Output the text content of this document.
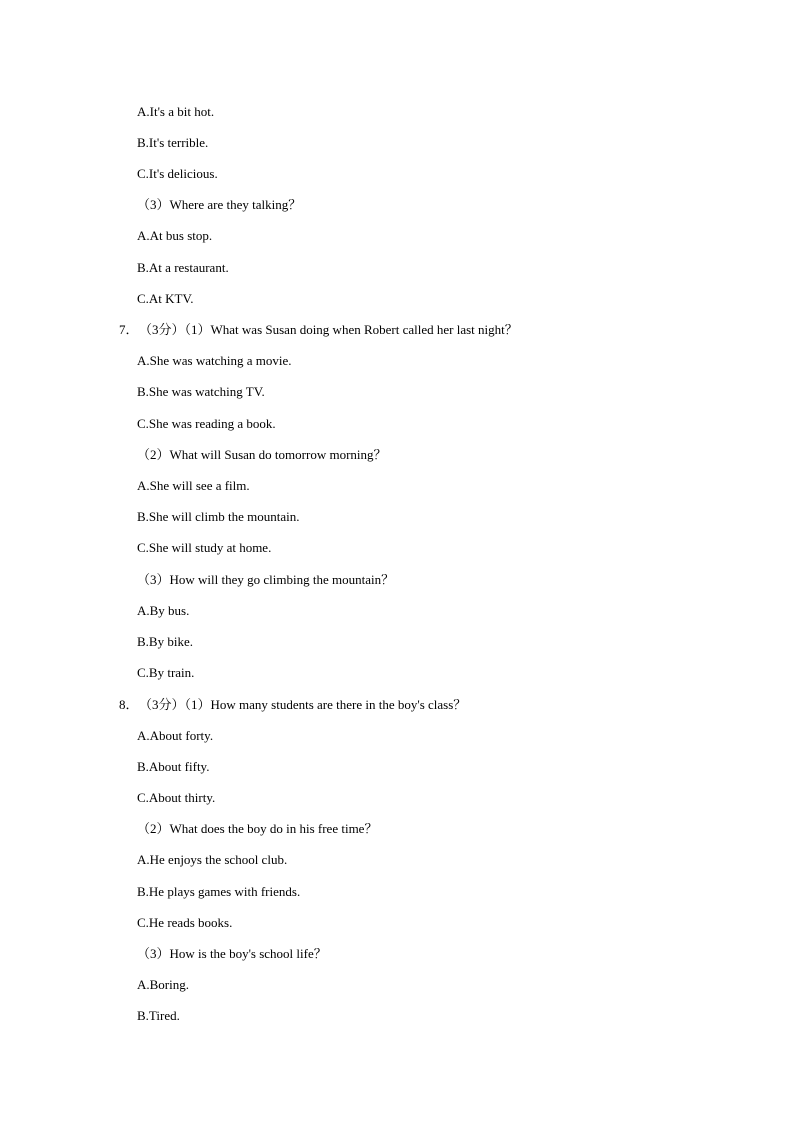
A.It's a bit hot.
B.It's terrible.
C.It's delicious.
（3）Where are they talking？
A.At bus stop.
B.At a restaurant.
C.At KTV.
7．（3分）（1）What was Susan doing when Robert called her last night？
A.She was watching a movie.
B.She was watching TV.
C.She was reading a book.
（2）What will Susan do tomorrow morning？
A.She will see a film.
B.She will climb the mountain.
C.She will study at home.
（3）How will they go climbing the mountain？
A.By bus.
B.By bike.
C.By train.
8．（3分）（1）How many students are there in the boy's class？
A.About forty.
B.About fifty.
C.About thirty.
（2）What does the boy do in his free time？
A.He enjoys the school club.
B.He plays games with friends.
C.He reads books.
（3）How is the boy's school life？
A.Boring.
B.Tired.
